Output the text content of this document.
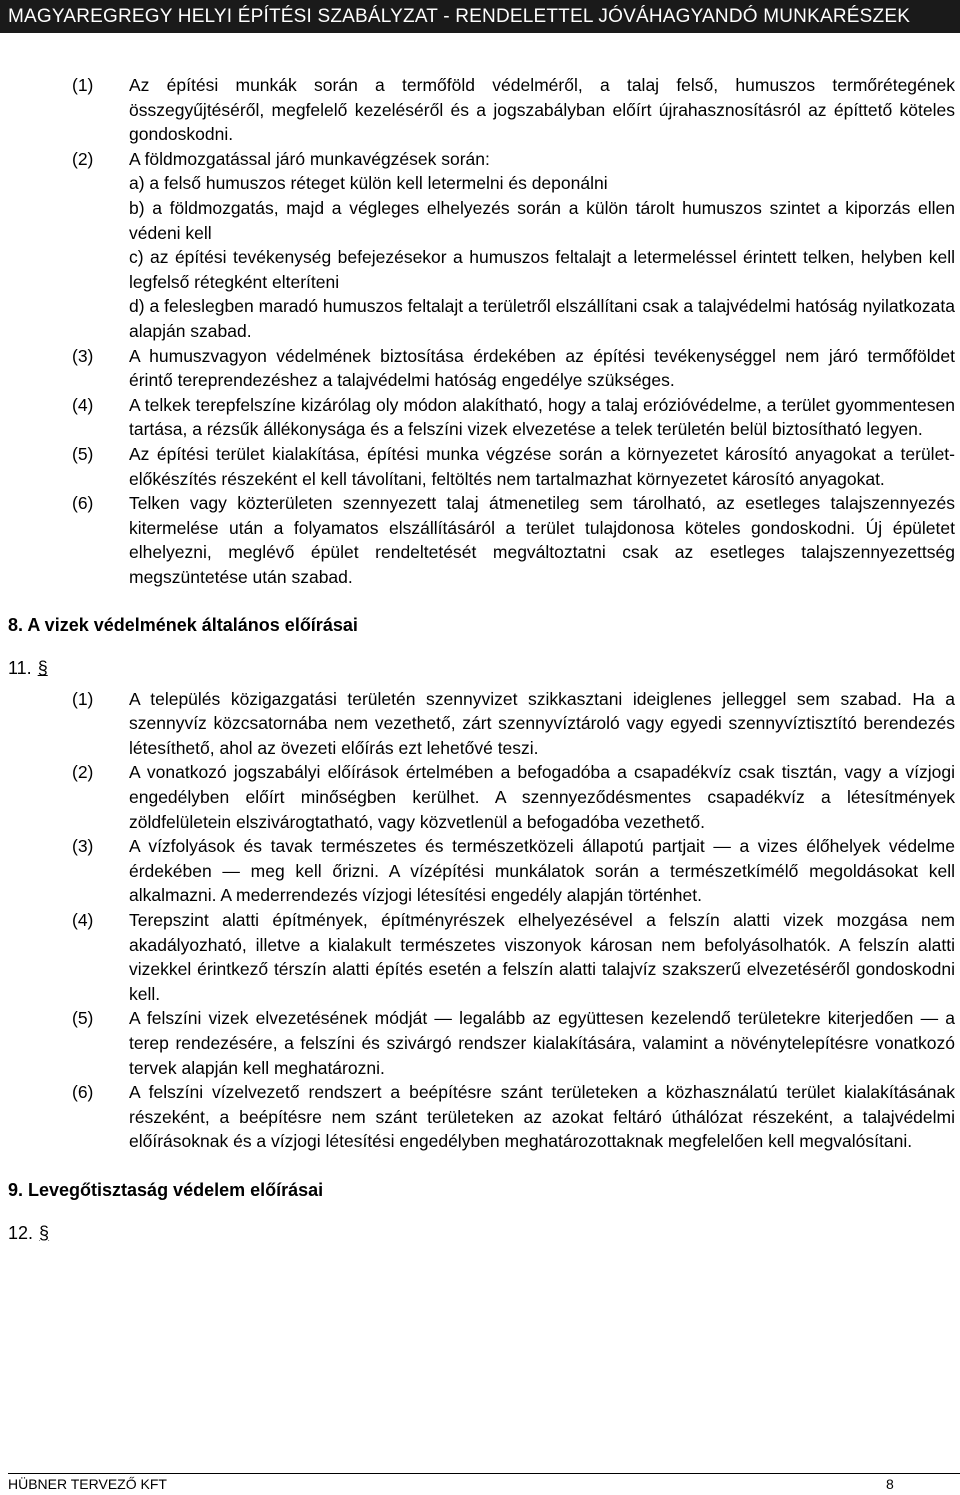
MAGYAREGREGY HELYI ÉPÍTÉSI SZABÁLYZAT - RENDELETTEL JÓVÁHAGYANDÓ MUNKARÉSZEK
(1)	Az építési munkák során a termőföld védelméről, a talaj felső, humuszos termőrétegének összegyűjtéséről, megfelelő kezeléséről és a jogszabályban előírt újrahasznosításról az építtető köteles gondoskodni.
(2)	A földmozgatással járó munkavégzések során:
a) a felső humuszos réteget külön kell letermelni és deponálni
b) a földmozgatás, majd a végleges elhelyezés során a külön tárolt humuszos szintet a kiporzás ellen védeni kell
c) az építési tevékenység befejezésekor a humuszos feltalajt a letermeléssel érintett telken, helyben kell legfelső rétegként elteríteni
d) a feleslegben maradó humuszos feltalajt a területről elszállítani csak a talajvédelmi hatóság nyilatkozata alapján szabad.
(3)	A humuszvagyon védelmének biztosítása érdekében az építési tevékenységgel nem járó termőföldet érintő tereprendezéshez a talajvédelmi hatóság engedélye szükséges.
(4)	A telkek terepfelszíne kizárólag oly módon alakítható, hogy a talaj erózióvédelme, a terület gyommentesen tartása, a rézsűk állékonysága és a felszíni vizek elvezetése a telek területén belül biztosítható legyen.
(5)	Az építési terület kialakítása, építési munka végzése során a környezetet károsító anyagokat a terület-előkészítés részeként el kell távolítani, feltöltés nem tartalmazhat környezetet károsító anyagokat.
(6)	Telken vagy közterületen szennyezett talaj átmenetileg sem tárolható, az esetleges talajszennyezés kitermelése után a folyamatos elszállításáról a terület tulajdonosa köteles gondoskodni. Új épületet elhelyezni, meglévő épület rendeltetését megváltoztatni csak az esetleges talajszennyezettség megszüntetése után szabad.
8. A vizek védelmének általános előírásai
11. §
(1)	A település közigazgatási területén szennyvizet szikkasztani ideiglenes jelleggel sem szabad. Ha a szennyvíz közcsatornába nem vezethető, zárt szennyvíztároló vagy egyedi szennyvíztisztító berendezés létesíthető, ahol az övezeti előírás ezt lehetővé teszi.
(2)	A vonatkozó jogszabályi előírások értelmében a befogadóba a csapadékvíz csak tisztán, vagy a vízjogi engedélyben előírt minőségben kerülhet. A szennyeződésmentes csapadékvíz a létesítmények zöldfelületein elszivárogtatható, vagy közvetlenül a befogadóba vezethető.
(3)	A vízfolyások és tavak természetes és természetközeli állapotú partjait — a vizes élőhelyek védelme érdekében — meg kell őrizni. A vízépítési munkálatok során a természetkímélő megoldásokat kell alkalmazni. A mederrendezés vízjogi létesítési engedély alapján történhet.
(4)	Terepszint alatti építmények, építményrészek elhelyezésével a felszín alatti vizek mozgása nem akadályozható, illetve a kialakult természetes viszonyok károsan nem befolyásolhatók. A felszín alatti vizekkel érintkező térszín alatti építés esetén a felszín alatti talajvíz szakszerű elvezetéséről gondoskodni kell.
(5)	A felszíni vizek elvezetésének módját — legalább az együttesen kezelendő területekre kiterjedően — a terep rendezésére, a felszíni és szivárgó rendszer kialakítására, valamint a növénytelepítésre vonatkozó tervek alapján kell meghatározni.
(6)	A felszíni vízelvezető rendszert a beépítésre szánt területeken a közhasználatú terület kialakításának részeként, a beépítésre nem szánt területeken az azokat feltáró úthálózat részeként, a talajvédelmi előírásoknak és a vízjogi létesítési engedélyben meghatározottaknak megfelelően kell megvalósítani.
9. Levegőtisztaság védelem előírásai
12. §
HÜBNER TERVEZŐ KFT	8
